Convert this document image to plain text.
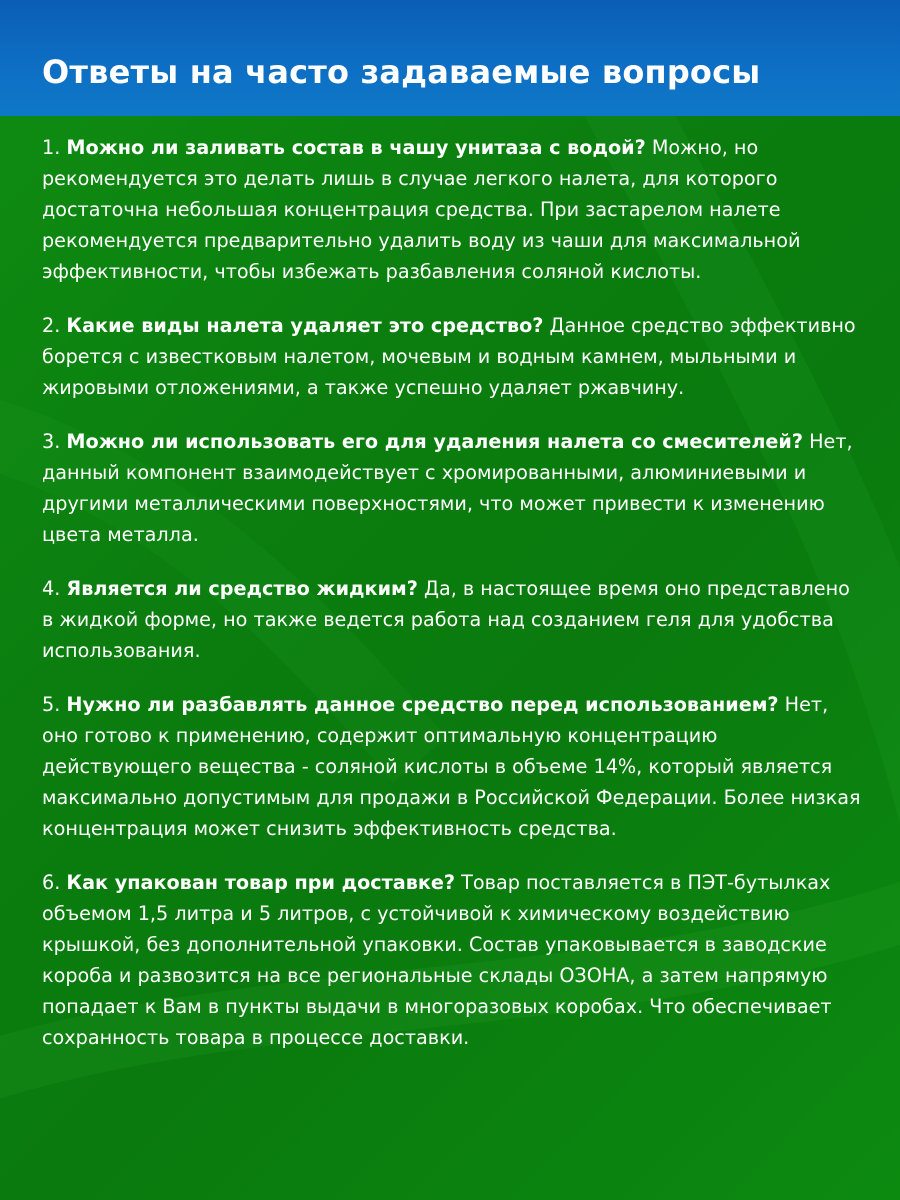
Ответы на часто задаваемые вопросы

1. Можно ли заливать состав в чашу унитаза с водой? Можно, но рекомендуется это делать лишь в случае легкого налета, для которого достаточна небольшая концентрация средства. При застарелом налете рекомендуется предварительно удалить воду из чаши для максимальной эффективности, чтобы избежать разбавления соляной кислоты.

2. Какие виды налета удаляет это средство? Данное средство эффективно борется с известковым налетом, мочевым и водным камнем, мыльными и жировыми отложениями, а также успешно удаляет ржавчину.

3. Можно ли использовать его для удаления налета со смесителей? Нет, данный компонент взаимодействует с хромированными, алюминиевыми и другими металлическими поверхностями, что может привести к изменению цвета металла.

4. Является ли средство жидким? Да, в настоящее время оно представлено в жидкой форме, но также ведется работа над созданием геля для удобства использования.

5. Нужно ли разбавлять данное средство перед использованием? Нет, оно готово к применению, содержит оптимальную концентрацию действующего вещества - соляной кислоты в объеме 14%, который является максимально допустимым для продажи в Российской Федерации. Более низкая концентрация может снизить эффективность средства.

6. Как упакован товар при доставке? Товар поставляется в ПЭТ-бутылках объемом 1,5 литра и 5 литров, с устойчивой к химическому воздействию крышкой, без дополнительной упаковки. Состав упаковывается в заводские короба и развозится на все региональные склады ОЗОНА, а затем напрямую попадает к Вам в пункты выдачи в многоразовых коробах. Что обеспечивает сохранность товара в процессе доставки.
